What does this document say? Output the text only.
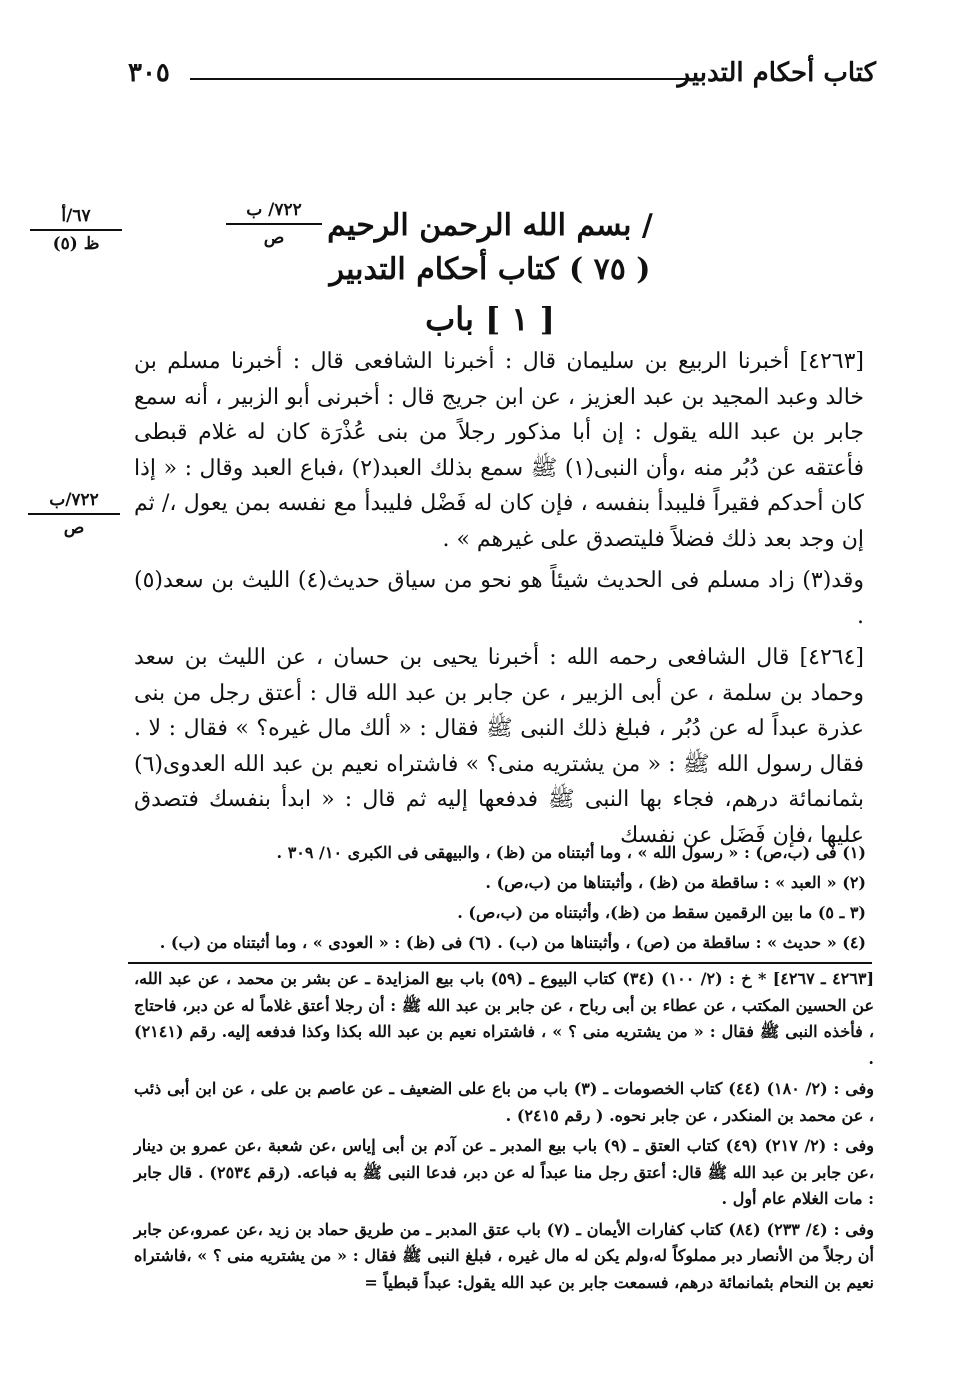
كتاب أحكام التدبير
٣٠٥
٦٧/أ
ظ (٥)
٧٢٢/ ب
ص
٧٢٢/ب
ص
/ بسم الله الرحمن الرحيم
( ٧٥ ) كتاب أحكام التدبير
[ ١ ] باب

[٤٢٦٣] أخبرنا الربيع بن سليمان قال : أخبرنا الشافعى قال : أخبرنا مسلم بن خالد وعبد المجيد بن عبد العزيز ، عن ابن جريج قال : أخبرنى أبو الزبير ، أنه سمع جابر بن عبد الله يقول : إن أبا مذكور رجلاً من بنى عُذْرَة كان له غلام قبطى فأعتقه عن دُبُر منه ،وأن النبى(١) ﷺ سمع بذلك العبد(٢) ،فباع العبد وقال : « إذا كان أحدكم فقيراً فليبدأ بنفسه ، فإن كان له فَضْل فليبدأ مع نفسه بمن يعول ،/ ثم إن وجد بعد ذلك فضلاً فليتصدق على غيرهم » .

وقد(٣) زاد مسلم فى الحديث شيئاً هو نحو من سياق حديث(٤) الليث بن سعد(٥) .

[٤٢٦٤] قال الشافعى رحمه الله : أخبرنا يحيى بن حسان ، عن الليث بن سعد وحماد بن سلمة ، عن أبى الزبير ، عن جابر بن عبد الله قال : أعتق رجل من بنى عذرة عبداً له عن دُبُر ، فبلغ ذلك النبى ﷺ فقال : « ألك مال غيره؟ » فقال : لا . فقال رسول الله ﷺ : « من يشتريه منى؟ » فاشتراه نعيم بن عبد الله العدوى(٦) بثمانمائة درهم، فجاء بها النبى ﷺ فدفعها إليه ثم قال : « ابدأ بنفسك فتصدق عليها ،فإن فَضَل عن نفسك

(١) فى (ب،ص) : « رسول الله » ، وما أثبتناه من (ظ) ، والبيهقى فى الكبرى ١٠/ ٣٠٩ .
(٢) « العبد » : ساقطة من (ظ) ، وأثبتناها من (ب،ص) .
(٣ ـ ٥) ما بين الرقمين سقط من (ظ)، وأثبتناه من (ب،ص) .
(٤) « حديث » : ساقطة من (ص) ، وأثبتناها من (ب) . (٦) فى (ظ) : « العودى » ، وما أثبتناه من (ب) .

[٤٢٦٣ ـ ٤٢٦٧] * خ : (٢/ ١٠٠) (٣٤) كتاب البيوع ـ (٥٩) باب بيع المزايدة ـ عن بشر بن محمد ، عن عبد الله، عن الحسين المكتب ، عن عطاء بن أبى رباح ، عن جابر بن عبد الله ﷺ : أن رجلا أعتق غلاماً له عن دبر، فاحتاج ، فأخذه النبى ﷺ فقال : « من يشتريه منى ؟ » ، فاشتراه نعيم بن عبد الله بكذا وكذا فدفعه إليه. رقم (٢١٤١) .

وفى : (٢/ ١٨٠) (٤٤) كتاب الخصومات ـ (٣) باب من باع على الضعيف ـ عن عاصم بن على ، عن ابن أبى ذئب ، عن محمد بن المنكدر ، عن جابر نحوه. ( رقم ٢٤١٥) .

وفى : (٢/ ٢١٧) (٤٩) كتاب العتق ـ (٩) باب بيع المدبر ـ عن آدم بن أبى إياس ،عن شعبة ،عن عمرو بن دينار ،عن جابر بن عبد الله ﷺ قال: أعتق رجل منا عبداً له عن دبر، فدعا النبى ﷺ به فباعه. (رقم ٢٥٣٤) . قال جابر : مات الغلام عام أول .

وفى : (٤/ ٢٣٣) (٨٤) كتاب كفارات الأيمان ـ (٧) باب عتق المدبر ـ من طريق حماد بن زيد ،عن عمرو،عن جابر أن رجلاً من الأنصار دبر مملوكاً له،ولم يكن له مال غيره ، فبلغ النبى ﷺ فقال : « من يشتريه منى ؟ » ،فاشتراه نعيم بن النحام بثمانمائة درهم، فسمعت جابر بن عبد الله يقول: عبداً قبطياً =
